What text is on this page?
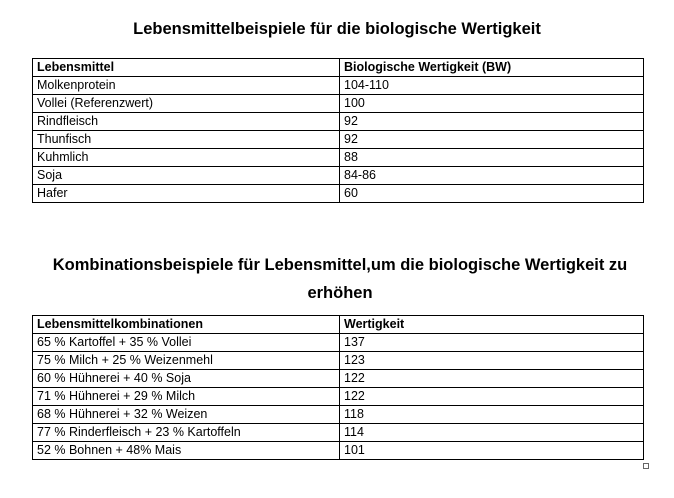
Lebensmittelbeispiele für die biologische Wertigkeit
Lebensmittel	Biologische Wertigkeit (BW)
Molkenprotein	104-110
Vollei (Referenzwert)	100
Rindfleisch	92
Thunfisch	92
Kuhmlich	88
Soja	84-86
Hafer	60
Kombinationsbeispiele für Lebensmittel,um die biologische Wertigkeit zu erhöhen
Lebensmittelkombinationen	Wertigkeit
65 % Kartoffel + 35 % Vollei	137
75 % Milch + 25 % Weizenmehl	123
60 % Hühnerei + 40 % Soja	122
71 % Hühnerei + 29 % Milch	122
68 % Hühnerei + 32 % Weizen	118
77 % Rinderfleisch + 23 % Kartoffeln	114
52 % Bohnen + 48% Mais	101
